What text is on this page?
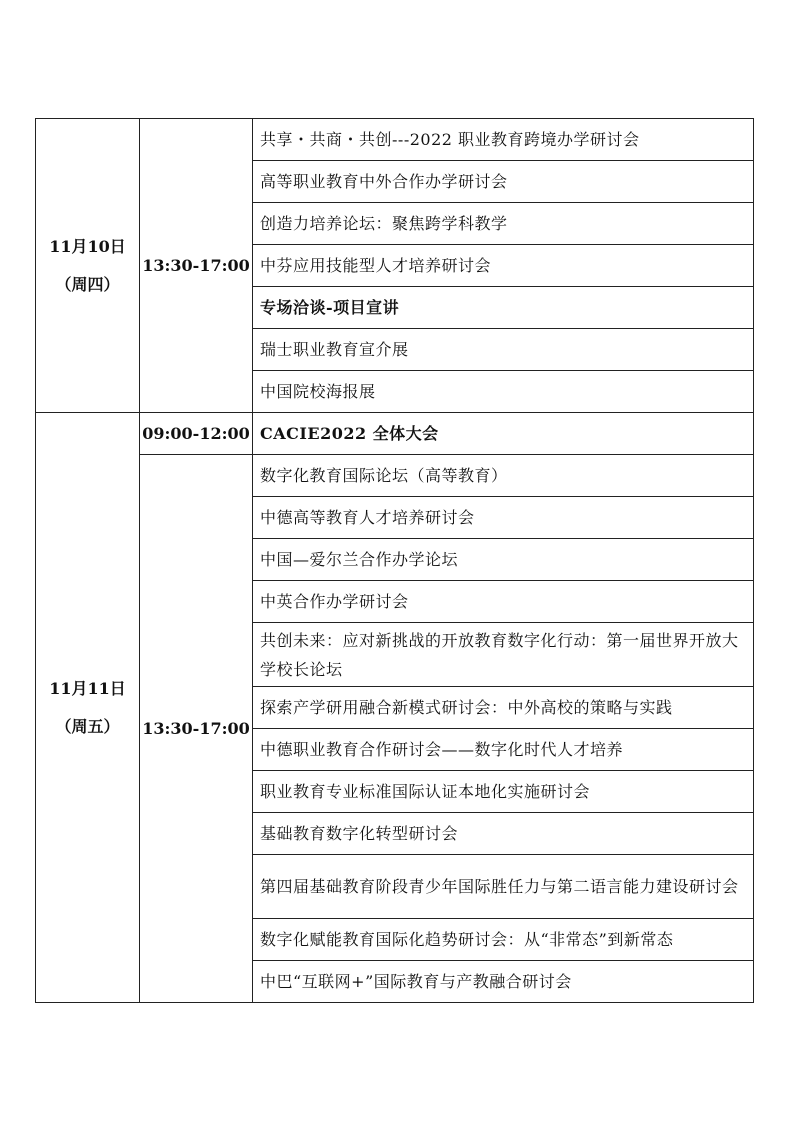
11月10日
（周四）	13:30-17:00	共享・共商・共创---2022 职业教育跨境办学研讨会
		高等职业教育中外合作办学研讨会
		创造力培养论坛：聚焦跨学科教学
		中芬应用技能型人才培养研讨会
		专场洽谈-项目宣讲
		瑞士职业教育宣介展
		中国院校海报展

11月11日
（周五）	09:00-12:00	CACIE2022 全体大会
	13:30-17:00	数字化教育国际论坛（高等教育）
		中德高等教育人才培养研讨会
		中国—爱尔兰合作办学论坛
		中英合作办学研讨会
		共创未来：应对新挑战的开放教育数字化行动：第一届世界开放大学校长论坛
		探索产学研用融合新模式研讨会：中外高校的策略与实践
		中德职业教育合作研讨会——数字化时代人才培养
		职业教育专业标准国际认证本地化实施研讨会
		基础教育数字化转型研讨会
		第四届基础教育阶段青少年国际胜任力与第二语言能力建设研讨会
		数字化赋能教育国际化趋势研讨会：从“非常态”到新常态
		中巴“互联网+”国际教育与产教融合研讨会
